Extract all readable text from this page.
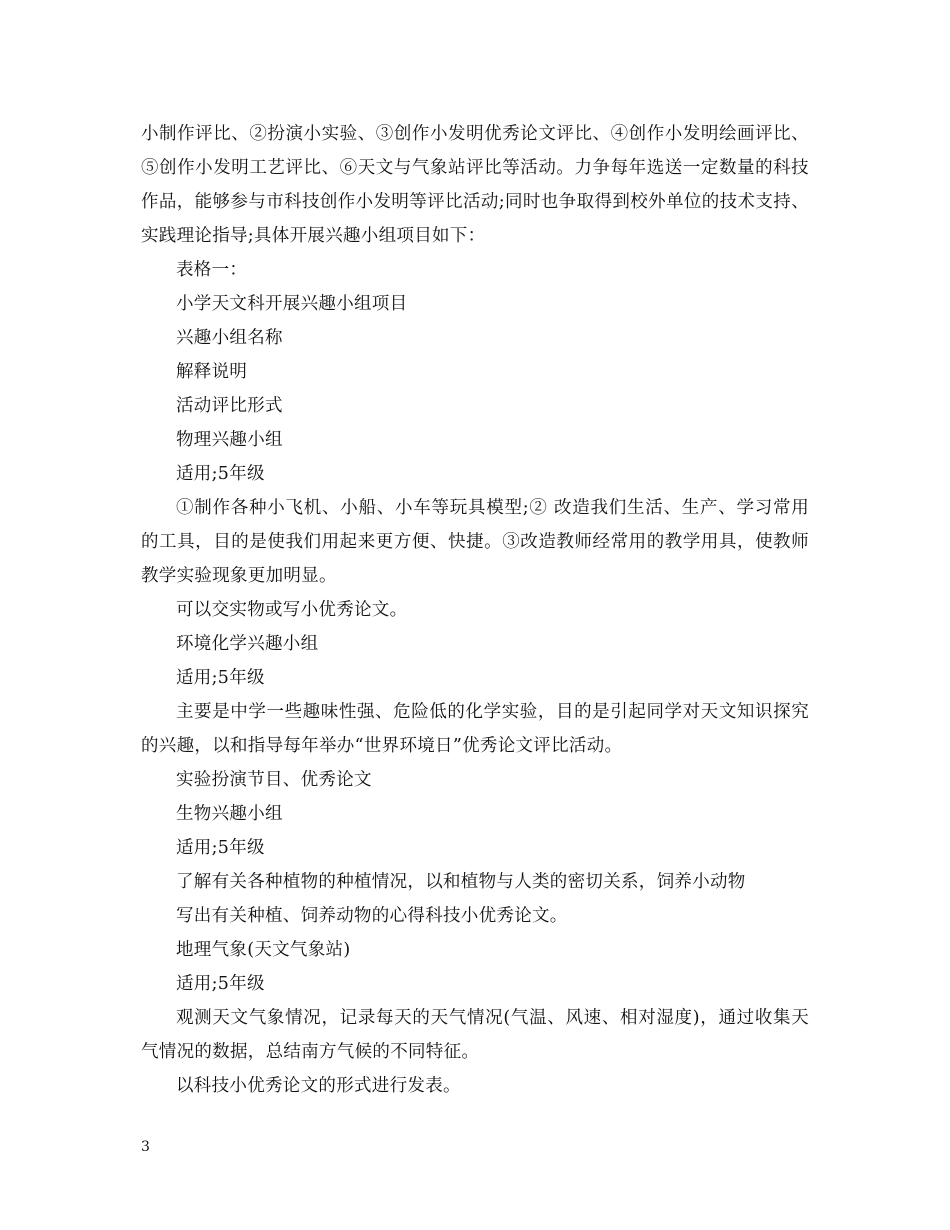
小制作评比、②扮演小实验、③创作小发明优秀论文评比、④创作小发明绘画评比、⑤创作小发明工艺评比、⑥天文与气象站评比等活动。力争每年选送一定数量的科技作品，能够参与市科技创作小发明等评比活动;同时也争取得到校外单位的技术支持、实践理论指导;具体开展兴趣小组项目如下：

表格一：

小学天文科开展兴趣小组项目

兴趣小组名称

解释说明

活动评比形式

物理兴趣小组

适用;5年级

①制作各种小飞机、小船、小车等玩具模型;② 改造我们生活、生产、学习常用的工具，目的是使我们用起来更方便、快捷。③改造教师经常用的教学用具，使教师教学实验现象更加明显。

可以交实物或写小优秀论文。

环境化学兴趣小组

适用;5年级

主要是中学一些趣味性强、危险低的化学实验，目的是引起同学对天文知识探究的兴趣，以和指导每年举办“世界环境日”优秀论文评比活动。

实验扮演节目、优秀论文

生物兴趣小组

适用;5年级

了解有关各种植物的种植情况，以和植物与人类的密切关系，饲养小动物

写出有关种植、饲养动物的心得科技小优秀论文。

地理气象(天文气象站)

适用;5年级

观测天文气象情况，记录每天的天气情况(气温、风速、相对湿度)，通过收集天气情况的数据，总结南方气候的不同特征。

以科技小优秀论文的形式进行发表。

3
